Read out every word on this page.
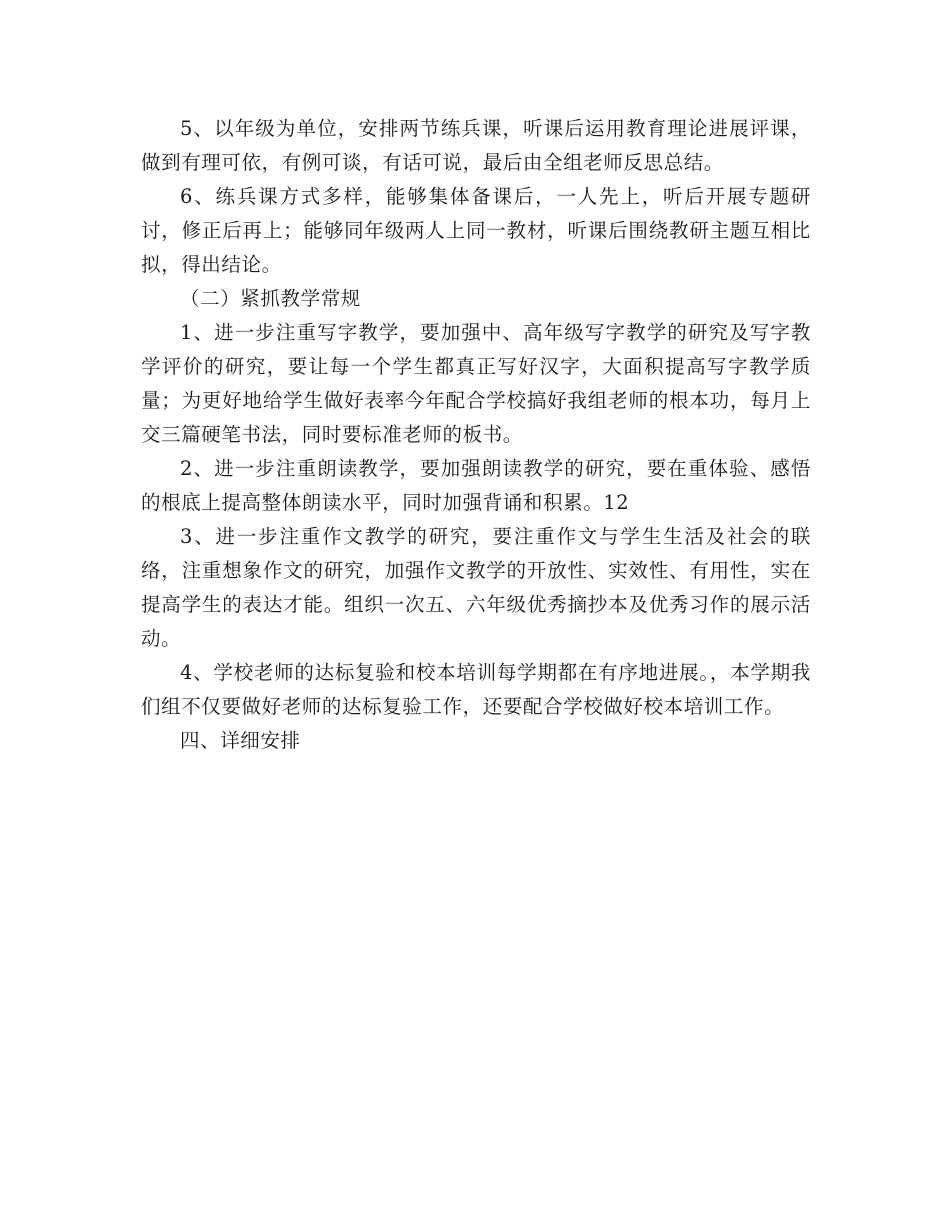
5、以年级为单位，安排两节练兵课，听课后运用教育理论进展评课，做到有理可依，有例可谈，有话可说，最后由全组老师反思总结。

6、练兵课方式多样，能够集体备课后，一人先上，听后开展专题研讨，修正后再上；能够同年级两人上同一教材，听课后围绕教研主题互相比拟，得出结论。

（二）紧抓教学常规

1、进一步注重写字教学，要加强中、高年级写字教学的研究及写字教学评价的研究，要让每一个学生都真正写好汉字，大面积提高写字教学质量；为更好地给学生做好表率今年配合学校搞好我组老师的根本功，每月上交三篇硬笔书法，同时要标准老师的板书。

2、进一步注重朗读教学，要加强朗读教学的研究，要在重体验、感悟的根底上提高整体朗读水平，同时加强背诵和积累。12

3、进一步注重作文教学的研究，要注重作文与学生生活及社会的联络，注重想象作文的研究，加强作文教学的开放性、实效性、有用性，实在提高学生的表达才能。组织一次五、六年级优秀摘抄本及优秀习作的展示活动。

4、学校老师的达标复验和校本培训每学期都在有序地进展。，本学期我们组不仅要做好老师的达标复验工作，还要配合学校做好校本培训工作。

四、详细安排
